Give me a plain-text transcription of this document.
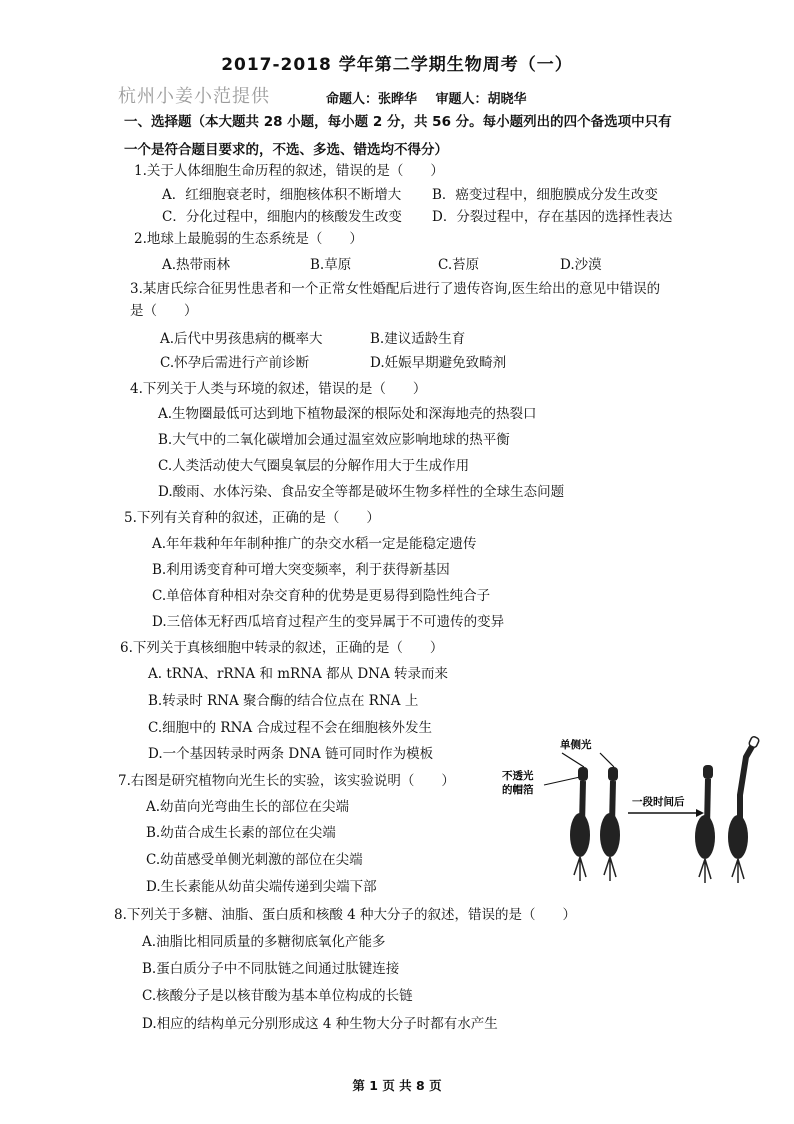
2017-2018 学年第二学期生物周考（一）
杭州小姜小范提供	命题人：张晔华 审题人：胡晓华
一、选择题（本大题共 28 小题，每小题 2 分，共 56 分。每小题列出的四个备选项中只有
一个是符合题目要求的，不选、多选、错选均不得分）
1.关于人体细胞生命历程的叙述，错误的是（　　）
A．红细胞衰老时，细胞核体积不断增大 B．癌变过程中，细胞膜成分发生改变
C．分化过程中，细胞内的核酸发生改变 D．分裂过程中，存在基因的选择性表达
2.地球上最脆弱的生态系统是（　　）
A.热带雨林	B.草原	C.苔原	D.沙漠
3.某唐氏综合征男性患者和一个正常女性婚配后进行了遗传咨询,医生给出的意见中错误的
是（　　）
A.后代中男孩患病的概率大	B.建议适龄生育
C.怀孕后需进行产前诊断	D.妊娠早期避免致畸剂
4.下列关于人类与环境的叙述，错误的是（　　）
A.生物圈最低可达到地下植物最深的根际处和深海地壳的热裂口
B.大气中的二氧化碳增加会通过温室效应影响地球的热平衡
C.人类活动使大气圈臭氧层的分解作用大于生成作用
D.酸雨、水体污染、食品安全等都是破坏生物多样性的全球生态问题
5.下列有关育种的叙述，正确的是（　　）
A.年年栽种年年制种推广的杂交水稻一定是能稳定遗传
B.利用诱变育种可增大突变频率，利于获得新基因
C.单倍体育种相对杂交育种的优势是更易得到隐性纯合子
D.三倍体无籽西瓜培育过程产生的变异属于不可遗传的变异
6.下列关于真核细胞中转录的叙述，正确的是（　　）
A. tRNA、rRNA 和 mRNA 都从 DNA 转录而来
B.转录时 RNA 聚合酶的结合位点在 RNA 上
C.细胞中的 RNA 合成过程不会在细胞核外发生
D.一个基因转录时两条 DNA 链可同时作为模板
7.右图是研究植物向光生长的实验，该实验说明（　　）
A.幼苗向光弯曲生长的部位在尖端
B.幼苗合成生长素的部位在尖端
C.幼苗感受单侧光刺激的部位在尖端
D.生长素能从幼苗尖端传递到尖端下部
单侧光
不透光
的帽箔
一段时间后
8.下列关于多糖、油脂、蛋白质和核酸 4 种大分子的叙述，错误的是（　　）
A.油脂比相同质量的多糖彻底氧化产能多
B.蛋白质分子中不同肽链之间通过肽键连接
C.核酸分子是以核苷酸为基本单位构成的长链
D.相应的结构单元分别形成这 4 种生物大分子时都有水产生
第 1 页 共 8 页
